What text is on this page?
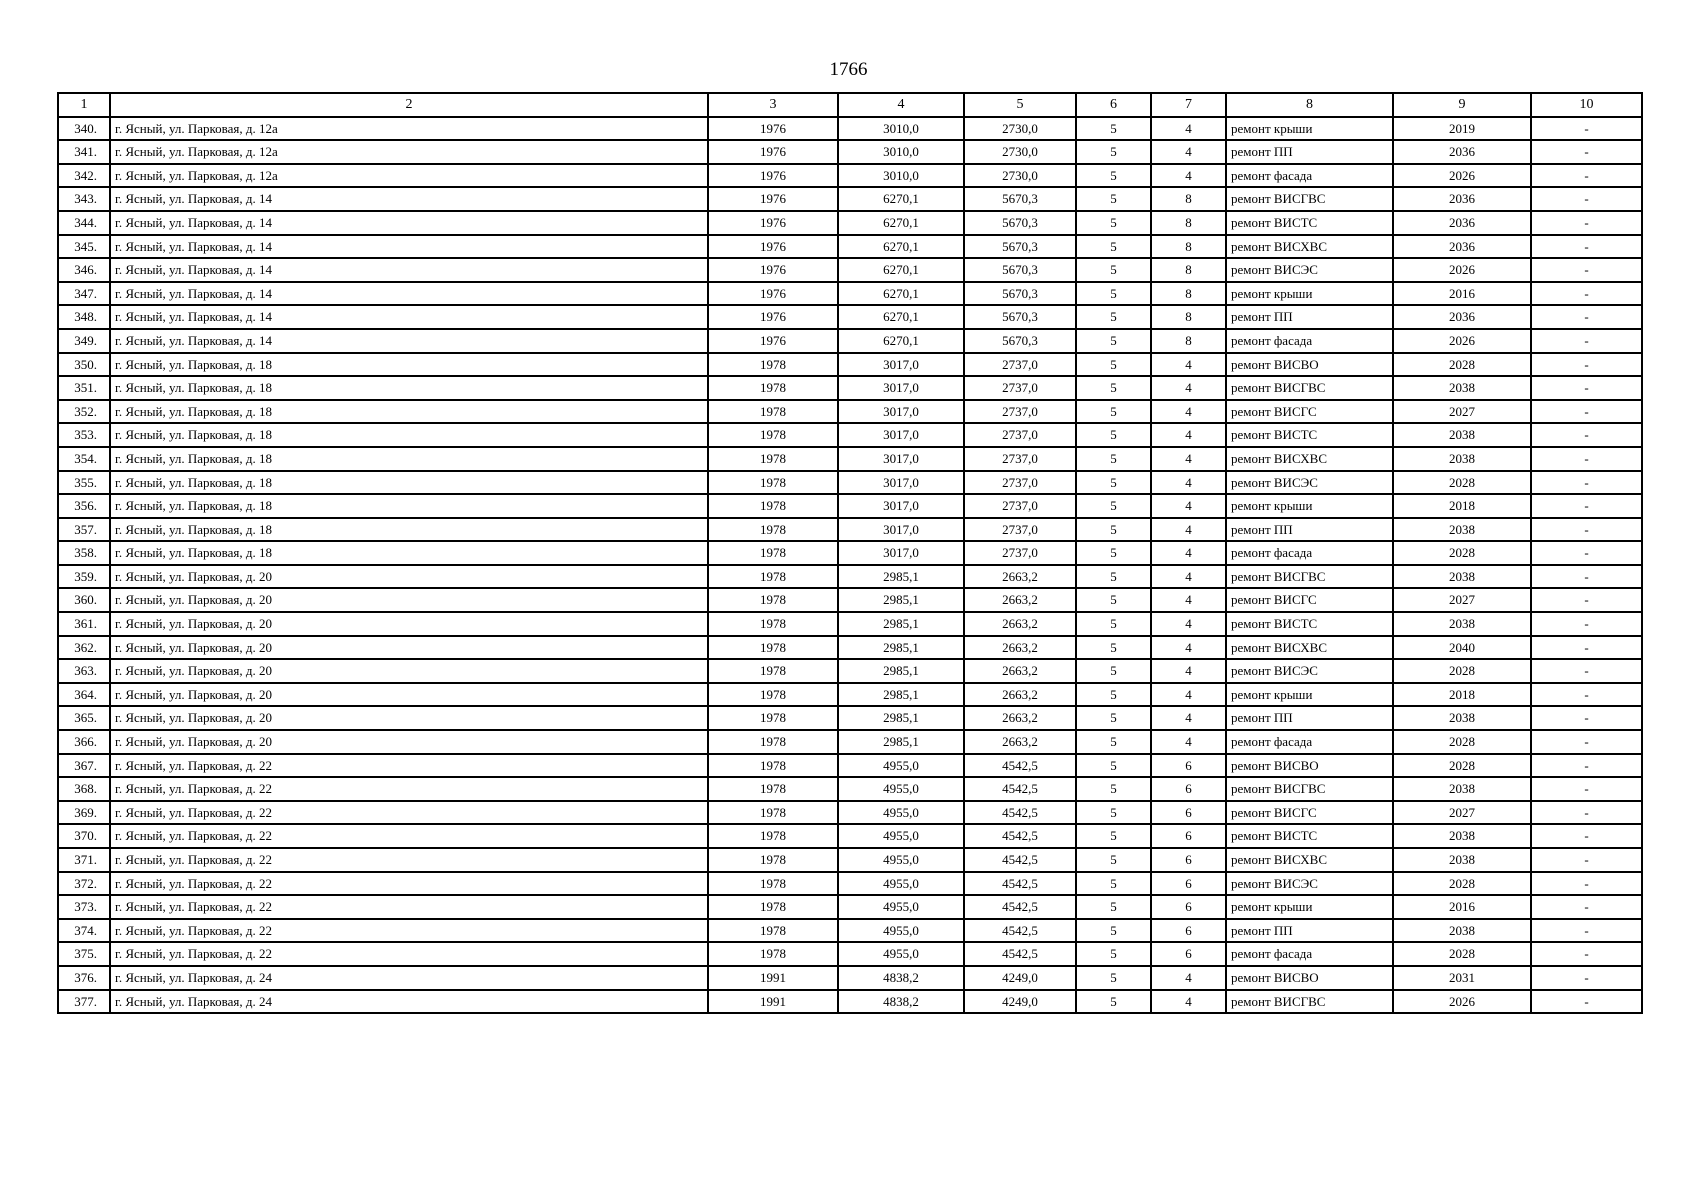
1766
1	2	3	4	5	6	7	8	9	10
340.	г. Ясный, ул. Парковая, д. 12а	1976	3010,0	2730,0	5	4	ремонт крыши	2019	-
341.	г. Ясный, ул. Парковая, д. 12а	1976	3010,0	2730,0	5	4	ремонт ПП	2036	-
342.	г. Ясный, ул. Парковая, д. 12а	1976	3010,0	2730,0	5	4	ремонт фасада	2026	-
343.	г. Ясный, ул. Парковая, д. 14	1976	6270,1	5670,3	5	8	ремонт ВИСГВС	2036	-
344.	г. Ясный, ул. Парковая, д. 14	1976	6270,1	5670,3	5	8	ремонт ВИСТС	2036	-
345.	г. Ясный, ул. Парковая, д. 14	1976	6270,1	5670,3	5	8	ремонт ВИСХВС	2036	-
346.	г. Ясный, ул. Парковая, д. 14	1976	6270,1	5670,3	5	8	ремонт ВИСЭС	2026	-
347.	г. Ясный, ул. Парковая, д. 14	1976	6270,1	5670,3	5	8	ремонт крыши	2016	-
348.	г. Ясный, ул. Парковая, д. 14	1976	6270,1	5670,3	5	8	ремонт ПП	2036	-
349.	г. Ясный, ул. Парковая, д. 14	1976	6270,1	5670,3	5	8	ремонт фасада	2026	-
350.	г. Ясный, ул. Парковая, д. 18	1978	3017,0	2737,0	5	4	ремонт ВИСВО	2028	-
351.	г. Ясный, ул. Парковая, д. 18	1978	3017,0	2737,0	5	4	ремонт ВИСГВС	2038	-
352.	г. Ясный, ул. Парковая, д. 18	1978	3017,0	2737,0	5	4	ремонт ВИСГС	2027	-
353.	г. Ясный, ул. Парковая, д. 18	1978	3017,0	2737,0	5	4	ремонт ВИСТС	2038	-
354.	г. Ясный, ул. Парковая, д. 18	1978	3017,0	2737,0	5	4	ремонт ВИСХВС	2038	-
355.	г. Ясный, ул. Парковая, д. 18	1978	3017,0	2737,0	5	4	ремонт ВИСЭС	2028	-
356.	г. Ясный, ул. Парковая, д. 18	1978	3017,0	2737,0	5	4	ремонт крыши	2018	-
357.	г. Ясный, ул. Парковая, д. 18	1978	3017,0	2737,0	5	4	ремонт ПП	2038	-
358.	г. Ясный, ул. Парковая, д. 18	1978	3017,0	2737,0	5	4	ремонт фасада	2028	-
359.	г. Ясный, ул. Парковая, д. 20	1978	2985,1	2663,2	5	4	ремонт ВИСГВС	2038	-
360.	г. Ясный, ул. Парковая, д. 20	1978	2985,1	2663,2	5	4	ремонт ВИСГС	2027	-
361.	г. Ясный, ул. Парковая, д. 20	1978	2985,1	2663,2	5	4	ремонт ВИСТС	2038	-
362.	г. Ясный, ул. Парковая, д. 20	1978	2985,1	2663,2	5	4	ремонт ВИСХВС	2040	-
363.	г. Ясный, ул. Парковая, д. 20	1978	2985,1	2663,2	5	4	ремонт ВИСЭС	2028	-
364.	г. Ясный, ул. Парковая, д. 20	1978	2985,1	2663,2	5	4	ремонт крыши	2018	-
365.	г. Ясный, ул. Парковая, д. 20	1978	2985,1	2663,2	5	4	ремонт ПП	2038	-
366.	г. Ясный, ул. Парковая, д. 20	1978	2985,1	2663,2	5	4	ремонт фасада	2028	-
367.	г. Ясный, ул. Парковая, д. 22	1978	4955,0	4542,5	5	6	ремонт ВИСВО	2028	-
368.	г. Ясный, ул. Парковая, д. 22	1978	4955,0	4542,5	5	6	ремонт ВИСГВС	2038	-
369.	г. Ясный, ул. Парковая, д. 22	1978	4955,0	4542,5	5	6	ремонт ВИСГС	2027	-
370.	г. Ясный, ул. Парковая, д. 22	1978	4955,0	4542,5	5	6	ремонт ВИСТС	2038	-
371.	г. Ясный, ул. Парковая, д. 22	1978	4955,0	4542,5	5	6	ремонт ВИСХВС	2038	-
372.	г. Ясный, ул. Парковая, д. 22	1978	4955,0	4542,5	5	6	ремонт ВИСЭС	2028	-
373.	г. Ясный, ул. Парковая, д. 22	1978	4955,0	4542,5	5	6	ремонт крыши	2016	-
374.	г. Ясный, ул. Парковая, д. 22	1978	4955,0	4542,5	5	6	ремонт ПП	2038	-
375.	г. Ясный, ул. Парковая, д. 22	1978	4955,0	4542,5	5	6	ремонт фасада	2028	-
376.	г. Ясный, ул. Парковая, д. 24	1991	4838,2	4249,0	5	4	ремонт ВИСВО	2031	-
377.	г. Ясный, ул. Парковая, д. 24	1991	4838,2	4249,0	5	4	ремонт ВИСГВС	2026	-
